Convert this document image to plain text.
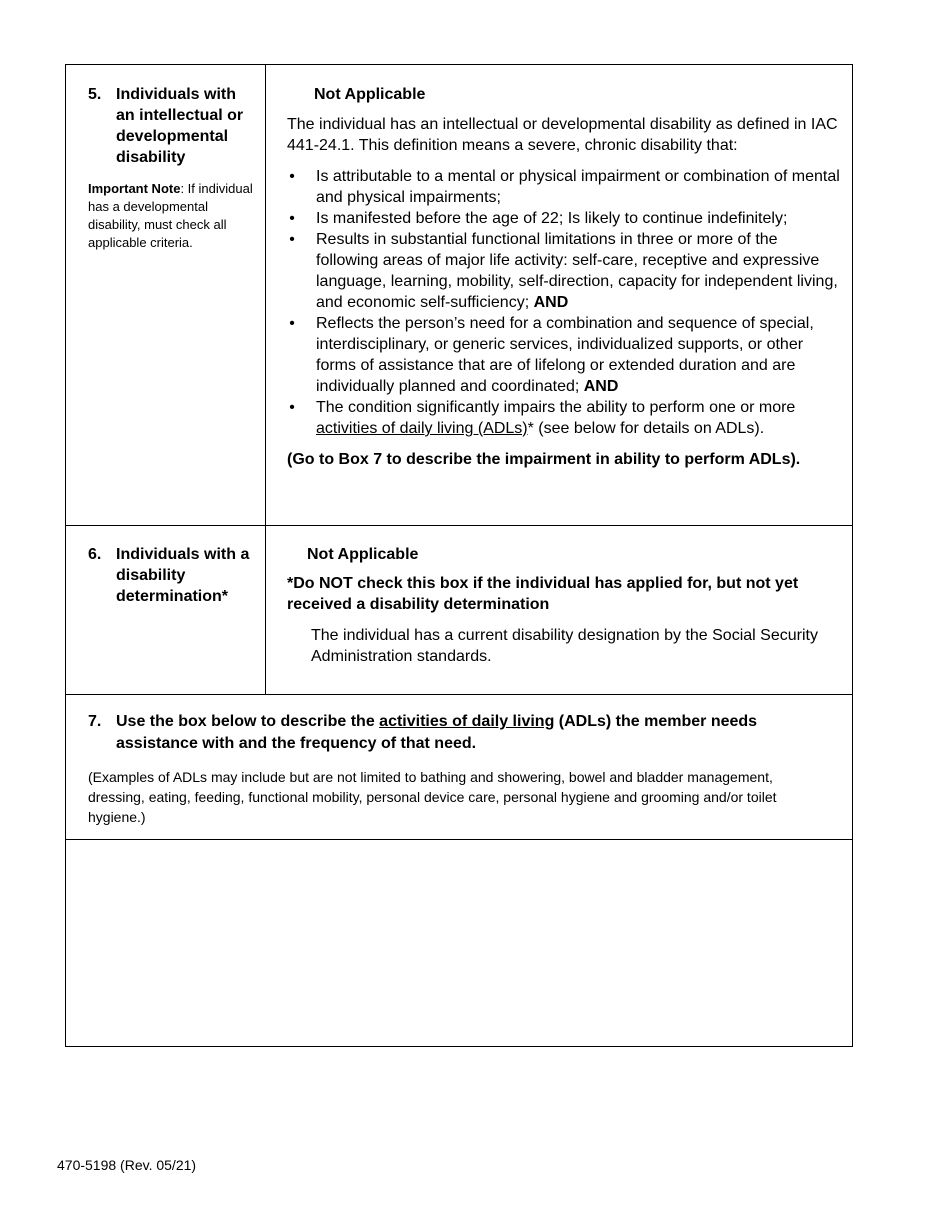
5. Individuals with an intellectual or developmental disability
Important Note: If individual has a developmental disability, must check all applicable criteria.
Not Applicable

The individual has an intellectual or developmental disability as defined in IAC 441-24.1. This definition means a severe, chronic disability that:

• Is attributable to a mental or physical impairment or combination of mental and physical impairments;
• Is manifested before the age of 22; Is likely to continue indefinitely;
• Results in substantial functional limitations in three or more of the following areas of major life activity: self-care, receptive and expressive language, learning, mobility, self-direction, capacity for independent living, and economic self-sufficiency; AND
• Reflects the person’s need for a combination and sequence of special, interdisciplinary, or generic services, individualized supports, or other forms of assistance that are of lifelong or extended duration and are individually planned and coordinated; AND
• The condition significantly impairs the ability to perform one or more activities of daily living (ADLs)* (see below for details on ADLs).

(Go to Box 7 to describe the impairment in ability to perform ADLs).

6. Individuals with a disability determination*
Not Applicable

*Do NOT check this box if the individual has applied for, but not yet received a disability determination

The individual has a current disability designation by the Social Security Administration standards.

7. Use the box below to describe the activities of daily living (ADLs) the member needs assistance with and the frequency of that need.
(Examples of ADLs may include but are not limited to bathing and showering, bowel and bladder management, dressing, eating, feeding, functional mobility, personal device care, personal hygiene and grooming and/or toilet hygiene.)
470-5198 (Rev. 05/21)
